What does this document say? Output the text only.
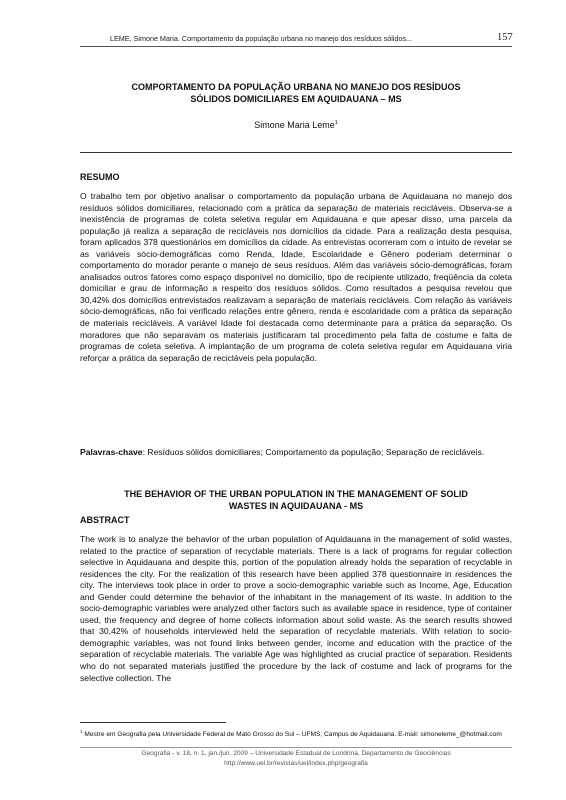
LEME, Simone Maria. Comportamento da população urbana no manejo dos resíduos sólidos...	157
COMPORTAMENTO DA POPULAÇÃO URBANA NO MANEJO DOS RESÍDUOS
SÓLIDOS DOMICILIARES EM AQUIDAUANA – MS
Simone Maria Leme$^1$
RESUMO
O trabalho tem por objetivo analisar o comportamento da população urbana de Aquidauana no manejo dos resíduos sólidos domiciliares, relacionado com a prática da separação de materiais recicláveis. Observa-se a inexistência de programas de coleta seletiva regular em Aquidauana e que apesar disso, uma parcela da população já realiza a separação de recicláveis nos domicílios da cidade. Para a realização desta pesquisa, foram aplicados 378 questionários em domicílios da cidade. As entrevistas ocorreram com o intuito de revelar se as variáveis sócio-demográficas como Renda, Idade, Escolaridade e Gênero poderiam determinar o comportamento do morador perante o manejo de seus resíduos. Além das variáveis sócio-demográficas, foram analisados outros fatores como espaço disponível no domicílio, tipo de recipiente utilizado, freqüência da coleta domiciliar e grau de informação a respeito dos resíduos sólidos. Como resultados a pesquisa revelou que 30,42% dos domicílios entrevistados realizavam a separação de materiais recicláveis. Com relação às variáveis sócio-demográficas, não foi verificado relações entre gênero, renda e escolaridade com a prática da separação de materiais recicláveis. A variável Idade foi destacada como determinante para a prática da separação. Os moradores que não separavam os materiais justificaram tal procedimento pela falta de costume e falta de programas de coleta seletiva. A implantação de um programa de coleta seletiva regular em Aquidauana viria reforçar a prática da separação de recicláveis pela população.
Palavras-chave: Resíduos sólidos domiciliares; Comportamento da população; Separação de recicláveis.
THE BEHAVIOR OF THE URBAN POPULATION IN THE MANAGEMENT OF SOLID
WASTES IN AQUIDAUANA - MS
ABSTRACT
The work is to analyze the behavior of the urban population of Aquidauana in the management of solid wastes, related to the practice of separation of recyclable materials. There is a lack of programs for regular collection selective in Aquidauana and despite this, portion of the population already holds the separation of recyclable in residences the city. For the realization of this research have been applied 378 questionnaire in residences the city. The interviews took place in order to prove a socio-demographic variable such as Income, Age, Education and Gender could determine the behavior of the inhabitant in the management of its waste. In addition to the socio-demographic variables were analyzed other factors such as available space in residence, type of container used, the frequency and degree of home collects information about solid waste. As the search results showed that 30,42% of households interviewed held the separation of recyclable materials. With relation to socio-demographic variables, was not found links between gender, income and education with the practice of the separation of recyclable materials. The variable Age was highlighted as crucial practice of separation. Residents who do not separated materials justified the procedure by the lack of costume and lack of programs for the selective collection. The
$^1$ Mestre em Geografia pela Universidade Federal de Mato Grosso do Sul – UFMS; Campus de Aquidauana. E-mail: simoneleme_@hotmail.com
Geografia - v. 18, n. 1, jan./jun. 2009 – Universidade Estadual de Londrina, Departamento de Geociências
http://www.uel.br/revistas/uel/index.php/geografia
